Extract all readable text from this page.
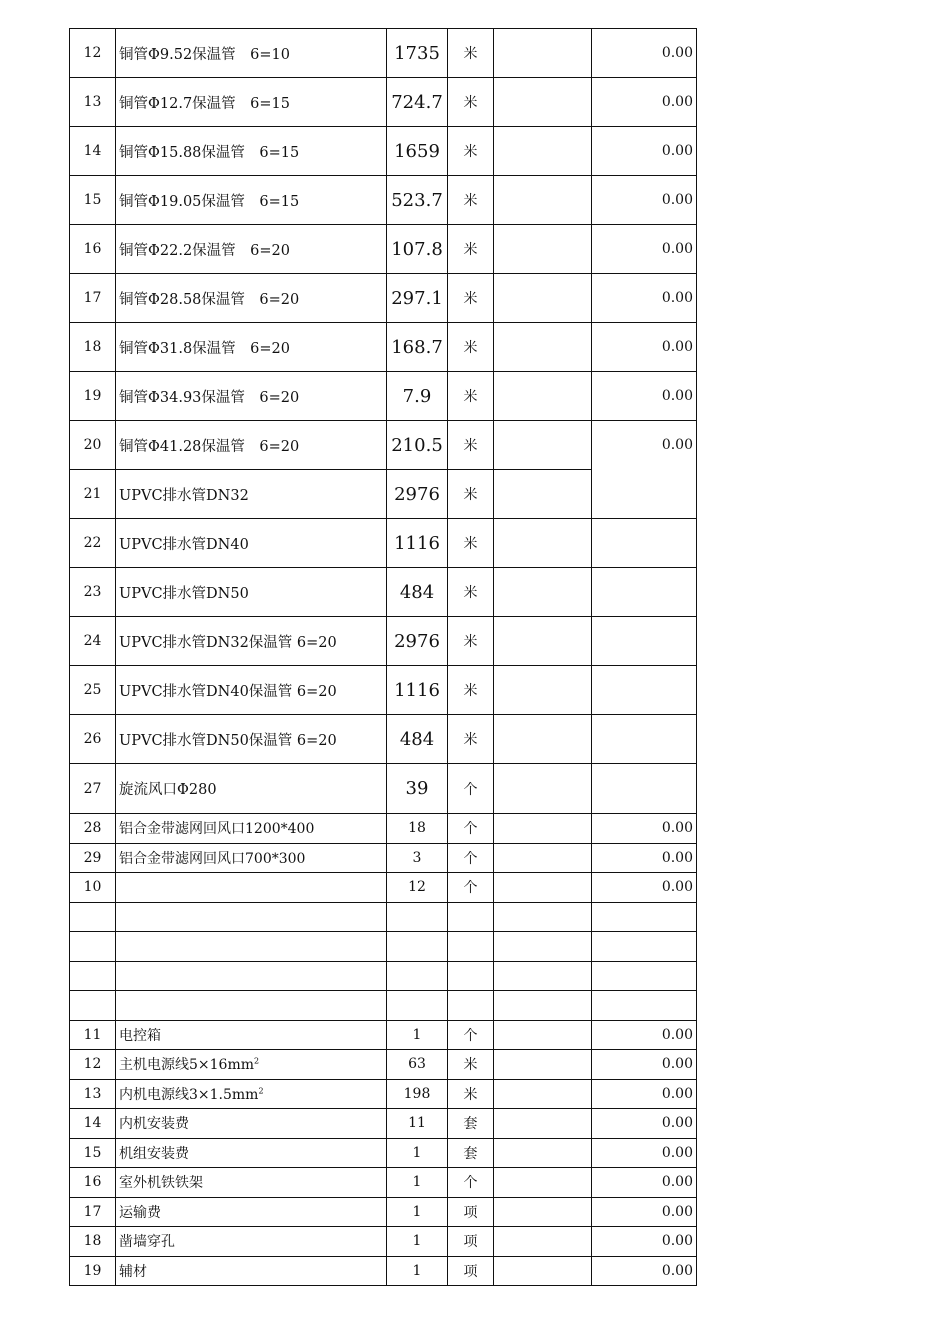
12	铜管Φ9.52保温管　6=10	1735	米		0.00
13	铜管Φ12.7保温管　6=15	724.7	米		0.00
14	铜管Φ15.88保温管　6=15	1659	米		0.00
15	铜管Φ19.05保温管　6=15	523.7	米		0.00
16	铜管Φ22.2保温管　6=20	107.8	米		0.00
17	铜管Φ28.58保温管　6=20	297.1	米		0.00
18	铜管Φ31.8保温管　6=20	168.7	米		0.00
19	铜管Φ34.93保温管　6=20	7.9	米		0.00
20	铜管Φ41.28保温管　6=20	210.5	米		0.00
21	UPVC排水管DN32	2976	米		
22	UPVC排水管DN40	1116	米		
23	UPVC排水管DN50	484	米		
24	UPVC排水管DN32保温管 6=20	2976	米		
25	UPVC排水管DN40保温管 6=20	1116	米		
26	UPVC排水管DN50保温管 6=20	484	米		
27	旋流风口Φ280	39	个		
28	铝合金带滤网回风口1200*400	18	个		0.00
29	铝合金带滤网回风口700*300	3	个		0.00
10		12	个		0.00

11	电控箱	1	个		0.00
12	主机电源线$5\times 16mm^2$	63	米		0.00
13	内机电源线$3\times 1.5mm^2$	198	米		0.00
14	内机安装费	11	套		0.00
15	机组安装费	1	套		0.00
16	室外机铁铁架	1	个		0.00
17	运输费	1	项		0.00
18	凿墙穿孔	1	项		0.00
19	辅材	1	项		0.00
